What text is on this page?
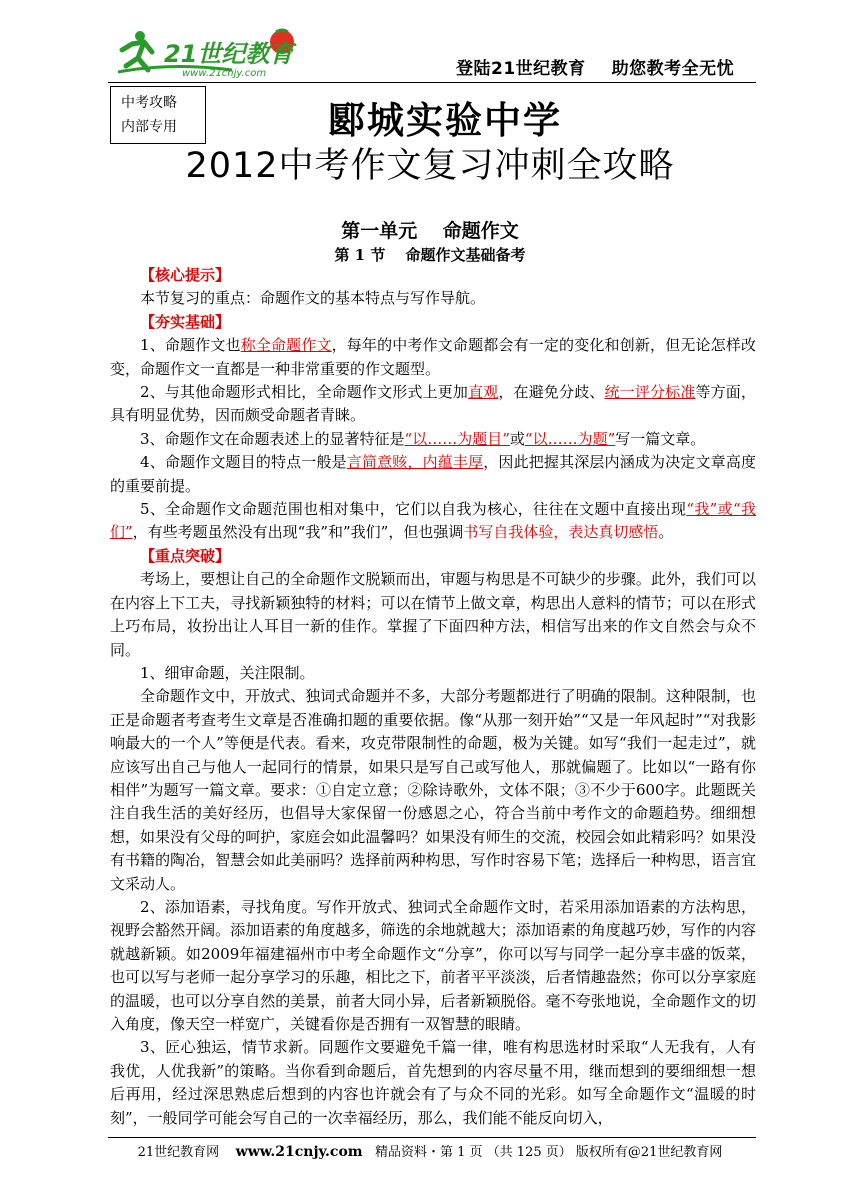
21世纪教育
www.21cnjy.com	登陆21世纪教育 助您教考全无忧
中考攻略
内部专用	郾城实验中学
2012中考作文复习冲刺全攻略
第一单元　 命题作文
第 1 节　 命题作文基础备考

【核心提示】

本节复习的重点：命题作文的基本特点与写作导航。

【夯实基础】

1、命题作文也称全命题作文，每年的中考作文命题都会有一定的变化和创新，但无论怎样改变，命题作文一直都是一种非常重要的作文题型。

2、与其他命题形式相比，全命题作文形式上更加直观，在避免分歧、统一评分标准等方面，具有明显优势，因而颇受命题者青睐。

3、命题作文在命题表述上的显著特征是“以……为题目”或“以……为题”写一篇文章。

4、命题作文题目的特点一般是言简意赅，内蕴丰厚，因此把握其深层内涵成为决定文章高度的重要前提。

5、全命题作文命题范围也相对集中，它们以自我为核心，往往在文题中直接出现“我”或“我们”，有些考题虽然没有出现“我”和”我们”，但也强调书写自我体验，表达真切感悟。

【重点突破】

考场上，要想让自己的全命题作文脱颖而出，审题与构思是不可缺少的步骤。此外，我们可以在内容上下工夫，寻找新颖独特的材料；可以在情节上做文章，构思出人意料的情节；可以在形式上巧布局，妆扮出让人耳目一新的佳作。掌握了下面四种方法，相信写出来的作文自然会与众不同。

1、细审命题，关注限制。

全命题作文中，开放式、独词式命题并不多，大部分考题都进行了明确的限制。这种限制，也正是命题者考查考生文章是否准确扣题的重要依据。像“从那一刻开始”“又是一年风起时”“对我影响最大的一个人”等便是代表。看来，攻克带限制性的命题，极为关键。如写“我们一起走过”，就应该写出自己与他人一起同行的情景，如果只是写自己或写他人，那就偏题了。比如以“一路有你相伴”为题写一篇文章。要求：①自定立意；②除诗歌外，文体不限；③不少于600字。此题既关注自我生活的美好经历，也倡导大家保留一份感恩之心，符合当前中考作文的命题趋势。细细想想，如果没有父母的呵护，家庭会如此温馨吗？如果没有师生的交流，校园会如此精彩吗？如果没有书籍的陶冶，智慧会如此美丽吗？选择前两种构思，写作时容易下笔；选择后一种构思，语言宜文采动人。

2、添加语素，寻找角度。写作开放式、独词式全命题作文时，若采用添加语素的方法构思，视野会豁然开阔。添加语素的角度越多，筛选的余地就越大；添加语素的角度越巧妙，写作的内容就越新颖。如2009年福建福州市中考全命题作文“分享”，你可以写与同学一起分享丰盛的饭菜，也可以写与老师一起分享学习的乐趣，相比之下，前者平平淡淡，后者情趣盎然；你可以分享家庭的温暖，也可以分享自然的美景，前者大同小异，后者新颖脱俗。毫不夸张地说，全命题作文的切入角度，像天空一样宽广，关键看你是否拥有一双智慧的眼睛。

3、匠心独运，情节求新。同题作文要避免千篇一律，唯有构思选材时采取“人无我有，人有我优，人优我新”的策略。当你看到命题后，首先想到的内容尽量不用，继而想到的要细细想一想后再用，经过深思熟虑后想到的内容也许就会有了与众不同的光彩。如写全命题作文“温暖的时刻”，一般同学可能会写自己的一次幸福经历，那么，我们能不能反向切入，

21世纪教育网 www.21cnjy.com 精品资料・第 1 页 （共 125 页） 版权所有@21世纪教育网
